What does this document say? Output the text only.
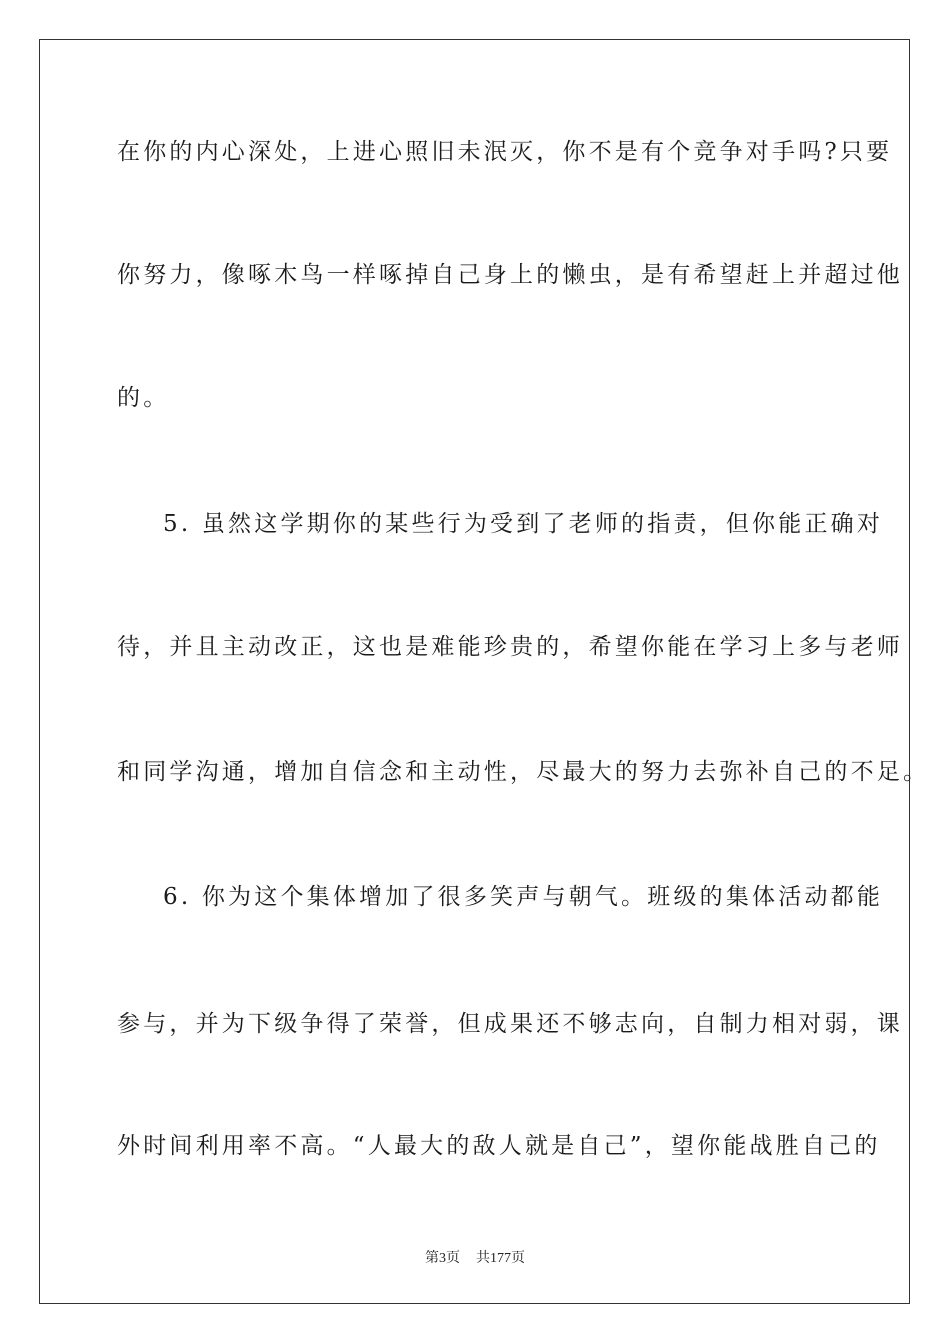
在你的内心深处，上进心照旧未泯灭，你不是有个竞争对手吗?只要
你努力，像啄木鸟一样啄掉自己身上的懒虫，是有希望赶上并超过他
的。
5. 虽然这学期你的某些行为受到了老师的指责，但你能正确对
待，并且主动改正，这也是难能珍贵的，希望你能在学习上多与老师
和同学沟通，增加自信念和主动性，尽最大的努力去弥补自己的不足。
6. 你为这个集体增加了很多笑声与朝气。班级的集体活动都能
参与，并为下级争得了荣誉，但成果还不够志向，自制力相对弱，课
外时间利用率不高。“人最大的敌人就是自己”，望你能战胜自己的
第3页 共177页
